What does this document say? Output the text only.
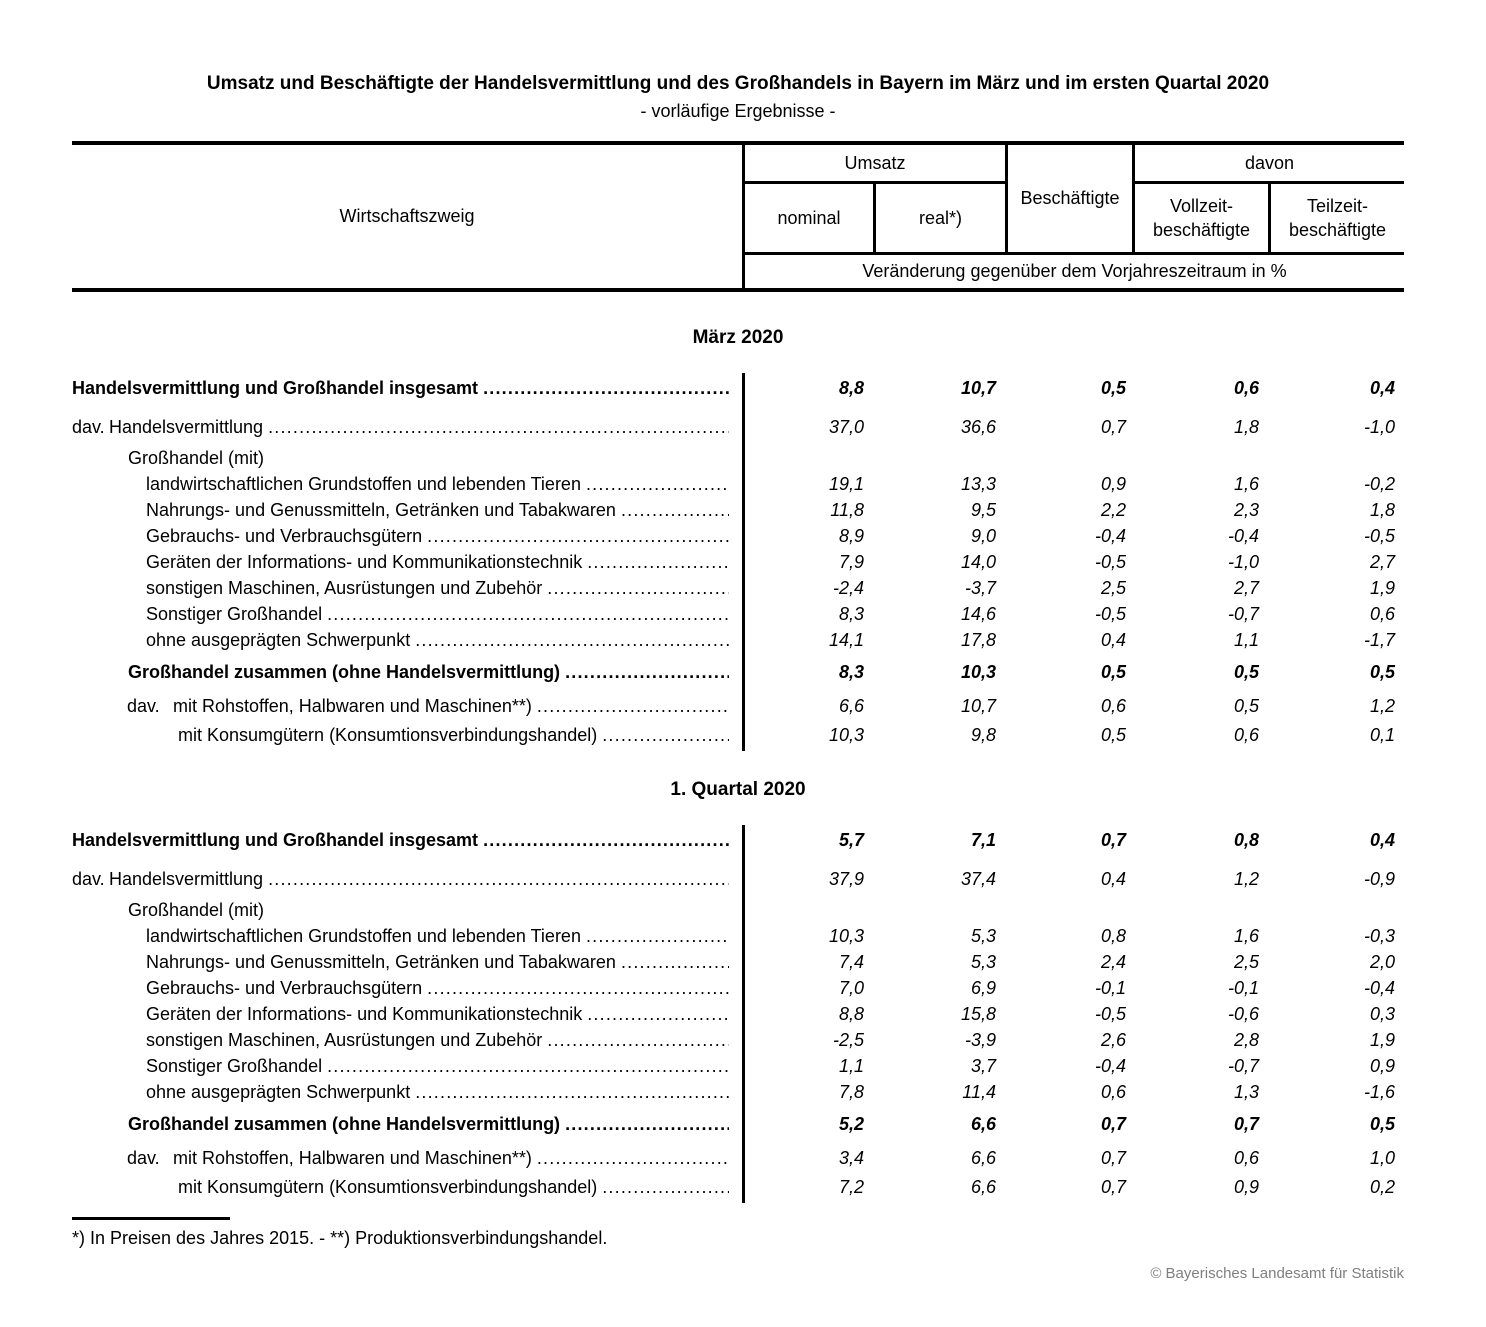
Umsatz und Beschäftigte der Handelsvermittlung und des Großhandels in Bayern im März und im ersten Quartal 2020
- vorläufige Ergebnisse -
Wirtschaftszweig
Umsatz
Beschäftigte
davon
nominal	real*)
Vollzeit-
beschäftigte
Teilzeit-
beschäftigte
Veränderung gegenüber dem Vorjahreszeitraum in %
März 2020
Handelsvermittlung und Großhandel insgesamt .....	8,8	10,7	0,5	0,6	0,4
dav. Handelsvermittlung .....	37,0	36,6	0,7	1,8	-1,0
Großhandel (mit)
landwirtschaftlichen Grundstoffen und lebenden Tieren .....	19,1	13,3	0,9	1,6	-0,2
Nahrungs- und Genussmitteln, Getränken und Tabakwaren .....	11,8	9,5	2,2	2,3	1,8
Gebrauchs- und Verbrauchsgütern .....	8,9	9,0	-0,4	-0,4	-0,5
Geräten der Informations- und Kommunikationstechnik .....	7,9	14,0	-0,5	-1,0	2,7
sonstigen Maschinen, Ausrüstungen und Zubehör .....	-2,4	-3,7	2,5	2,7	1,9
Sonstiger Großhandel .....	8,3	14,6	-0,5	-0,7	0,6
ohne ausgeprägten Schwerpunkt .....	14,1	17,8	0,4	1,1	-1,7
Großhandel zusammen (ohne Handelsvermittlung) .....	8,3	10,3	0,5	0,5	0,5
dav. mit Rohstoffen, Halbwaren und Maschinen**) .....	6,6	10,7	0,6	0,5	1,2
mit Konsumgütern (Konsumtionsverbindungshandel) .....	10,3	9,8	0,5	0,6	0,1
1. Quartal 2020
Handelsvermittlung und Großhandel insgesamt .....	5,7	7,1	0,7	0,8	0,4
dav. Handelsvermittlung .....	37,9	37,4	0,4	1,2	-0,9
Großhandel (mit)
landwirtschaftlichen Grundstoffen und lebenden Tieren .....	10,3	5,3	0,8	1,6	-0,3
Nahrungs- und Genussmitteln, Getränken und Tabakwaren .....	7,4	5,3	2,4	2,5	2,0
Gebrauchs- und Verbrauchsgütern .....	7,0	6,9	-0,1	-0,1	-0,4
Geräten der Informations- und Kommunikationstechnik .....	8,8	15,8	-0,5	-0,6	0,3
sonstigen Maschinen, Ausrüstungen und Zubehör .....	-2,5	-3,9	2,6	2,8	1,9
Sonstiger Großhandel .....	1,1	3,7	-0,4	-0,7	0,9
ohne ausgeprägten Schwerpunkt .....	7,8	11,4	0,6	1,3	-1,6
Großhandel zusammen (ohne Handelsvermittlung) .....	5,2	6,6	0,7	0,7	0,5
dav. mit Rohstoffen, Halbwaren und Maschinen**) .....	3,4	6,6	0,7	0,6	1,0
mit Konsumgütern (Konsumtionsverbindungshandel) .....	7,2	6,6	0,7	0,9	0,2
*) In Preisen des Jahres 2015. - **) Produktionsverbindungshandel.
© Bayerisches Landesamt für Statistik
